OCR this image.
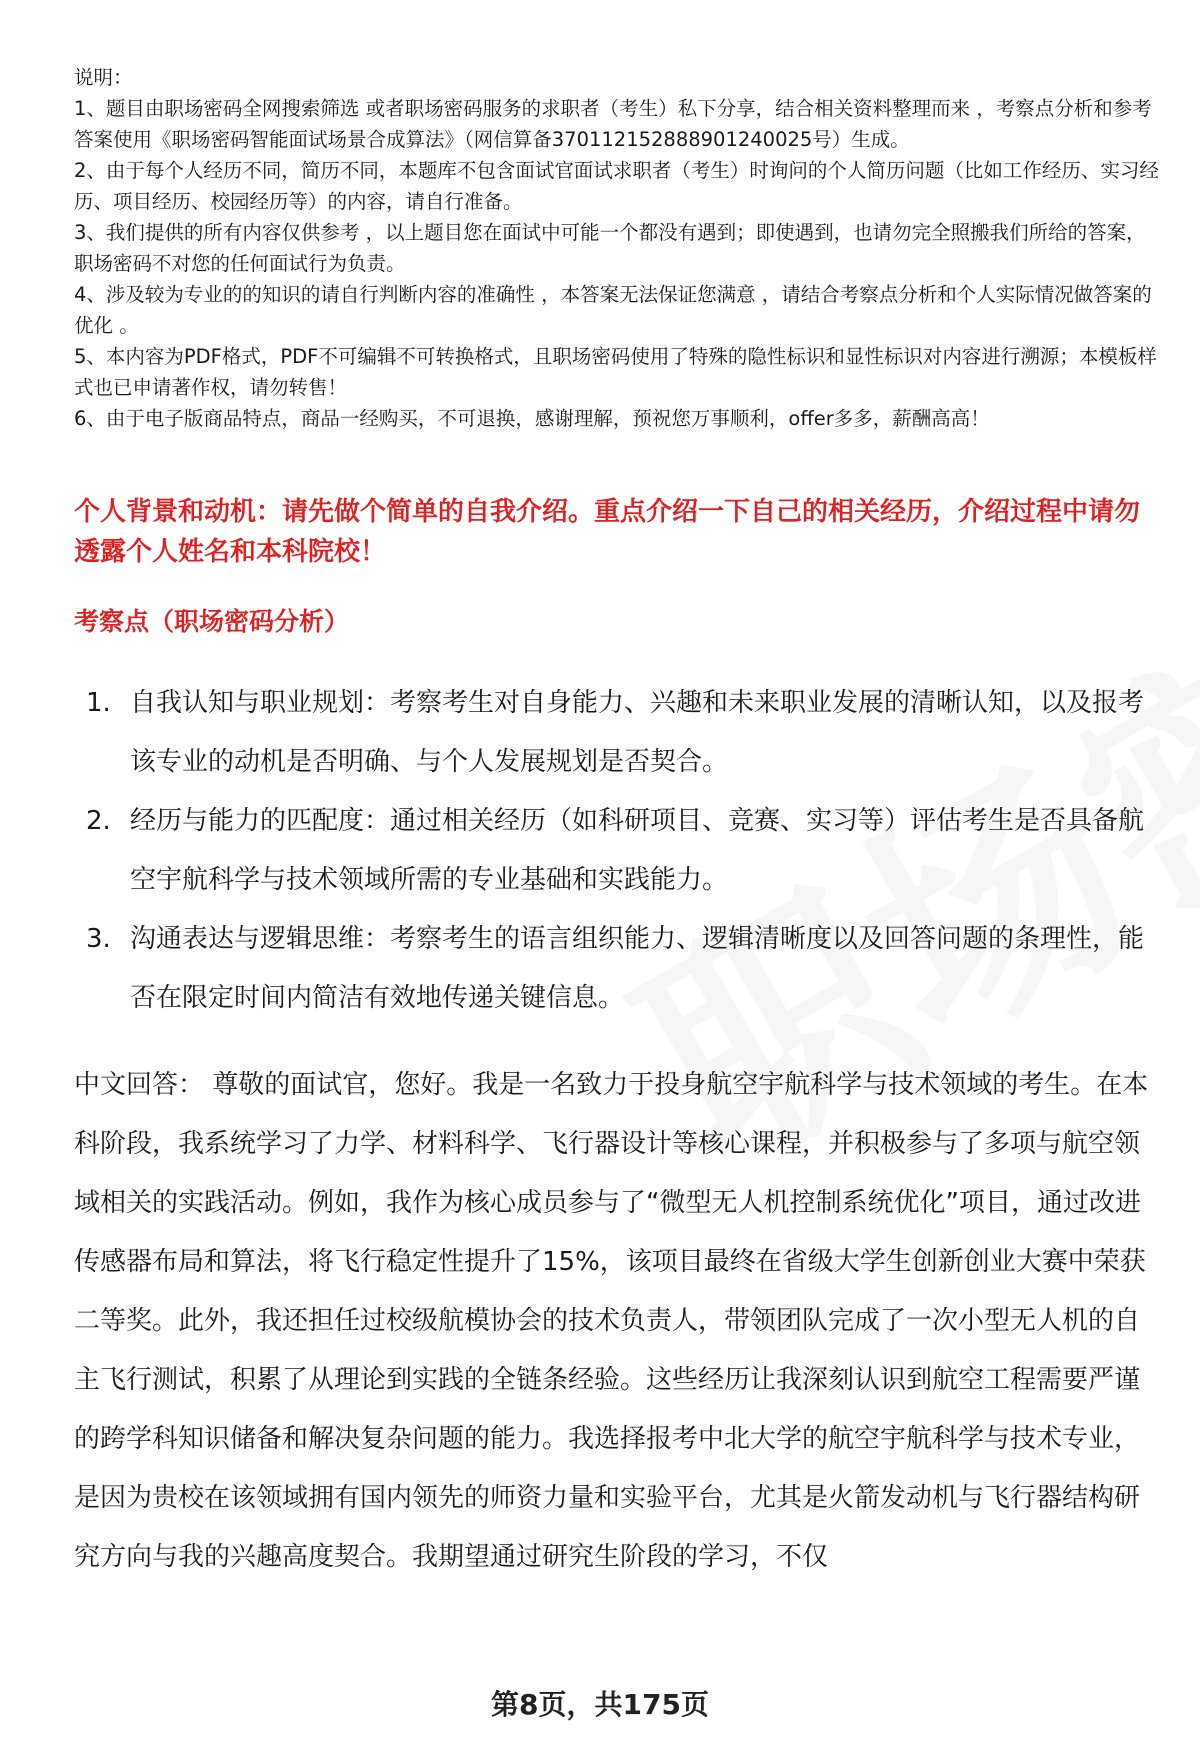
说明：

1、题目由职场密码全网搜索筛选 或者职场密码服务的求职者（考生）私下分享，结合相关资料整理而来 ，考察点分析和参考答案使用《职场密码智能面试场景合成算法》（网信算备370112152888901240025号）生成。

2、由于每个人经历不同，简历不同，本题库不包含面试官面试求职者（考生）时询问的个人简历问题（比如工作经历、实习经历、项目经历、校园经历等）的内容，请自行准备。

3、我们提供的所有内容仅供参考 ，以上题目您在面试中可能一个都没有遇到；即使遇到，也请勿完全照搬我们所给的答案，职场密码不对您的任何面试行为负责。

4、涉及较为专业的的知识的请自行判断内容的准确性 ，本答案无法保证您满意 ，请结合考察点分析和个人实际情况做答案的优化 。

5、本内容为PDF格式，PDF不可编辑不可转换格式，且职场密码使用了特殊的隐性标识和显性标识对内容进行溯源；本模板样式也已申请著作权，请勿转售！

6、由于电子版商品特点，商品一经购买，不可退换，感谢理解，预祝您万事顺利，offer多多，薪酬高高！

个人背景和动机：请先做个简单的自我介绍。重点介绍一下自己的相关经历，介绍过程中请勿透露个人姓名和本科院校！

考察点（职场密码分析）

1. 自我认知与职业规划：考察考生对自身能力、兴趣和未来职业发展的清晰认知，以及报考该专业的动机是否明确、与个人发展规划是否契合。
2. 经历与能力的匹配度：通过相关经历（如科研项目、竞赛、实习等）评估考生是否具备航空宇航科学与技术领域所需的专业基础和实践能力。
3. 沟通表达与逻辑思维：考察考生的语言组织能力、逻辑清晰度以及回答问题的条理性，能否在限定时间内简洁有效地传递关键信息。

中文回答： 尊敬的面试官，您好。我是一名致力于投身航空宇航科学与技术领域的考生。在本科阶段，我系统学习了力学、材料科学、飞行器设计等核心课程，并积极参与了多项与航空领域相关的实践活动。例如，我作为核心成员参与了“微型无人机控制系统优化”项目，通过改进传感器布局和算法，将飞行稳定性提升了15%，该项目最终在省级大学生创新创业大赛中荣获二等奖。此外，我还担任过校级航模协会的技术负责人，带领团队完成了一次小型无人机的自主飞行测试，积累了从理论到实践的全链条经验。这些经历让我深刻认识到航空工程需要严谨的跨学科知识储备和解决复杂问题的能力。我选择报考中北大学的航空宇航科学与技术专业，是因为贵校在该领域拥有国内领先的师资力量和实验平台，尤其是火箭发动机与飞行器结构研究方向与我的兴趣高度契合。我期望通过研究生阶段的学习，不仅

第8页，共175页
